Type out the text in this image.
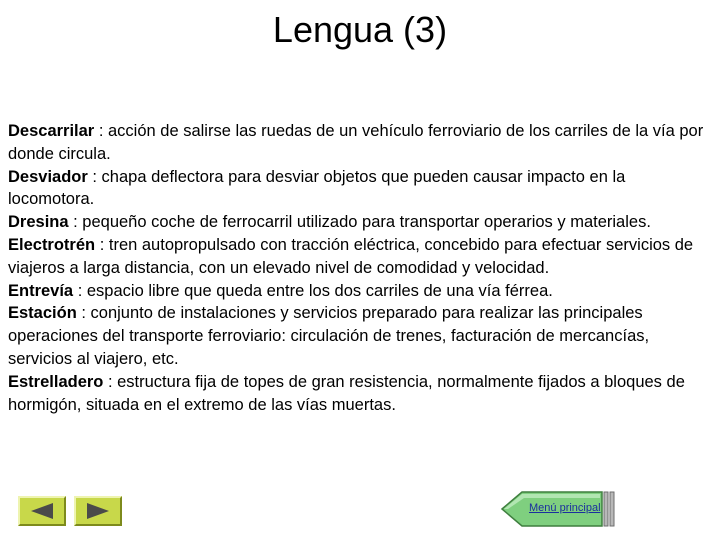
Lengua (3)

Descarrilar : acción de salirse las ruedas de un vehículo ferroviario de los carriles de la vía por donde circula.

Desviador : chapa deflectora para desviar objetos que pueden causar impacto en la locomotora.

Dresina : pequeño coche de ferrocarril utilizado para transportar operarios y materiales.

Electrotrén : tren autopropulsado con tracción eléctrica, concebido para efectuar servicios de viajeros a larga distancia, con un elevado nivel de comodidad y velocidad.

Entrevía : espacio libre que queda entre los dos carriles de una vía férrea.

Estación : conjunto de instalaciones y servicios preparado para realizar las principales operaciones del transporte ferroviario: circulación de trenes, facturación de mercancías, servicios al viajero, etc.

Estrelladero : estructura fija de topes de gran resistencia, normalmente fijados a bloques de hormigón, situada en el extremo de las vías muertas.

Menú principal
